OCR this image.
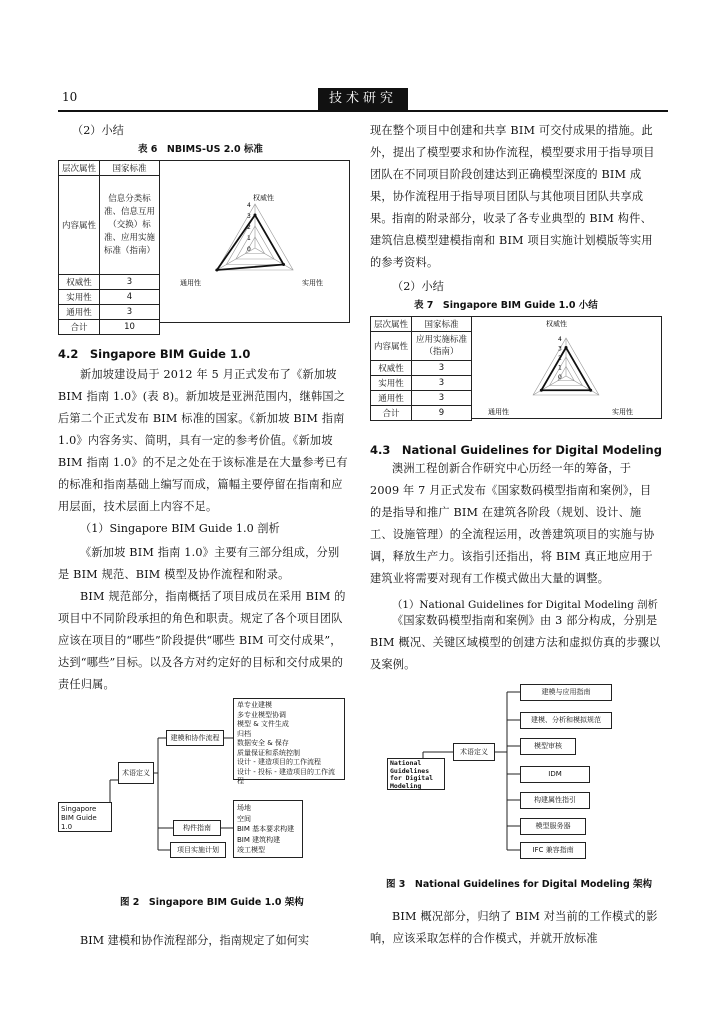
10	技术研究
（2）小结
表 6　NBIMS-US 2.0 标准
层次属性	国家标准
内容属性	信息分类标准、信息互用（交换）标准、应用实施标准（指南）
权威性	3
实用性	4
通用性	3
合计	10
权威性
通用性	实用性
4
3
2
1
0
4.2　Singapore BIM Guide 1.0
新加坡建设局于 2012 年 5 月正式发布了《新加坡 BIM 指南 1.0》(表 8)。新加坡是亚洲范围内，继韩国之后第二个正式发布 BIM 标准的国家。《新加坡 BIM 指南 1.0》内容务实、简明，具有一定的参考价值。《新加坡 BIM 指南 1.0》的不足之处在于该标准是在大量参考已有的标准和指南基础上编写而成，篇幅主要停留在指南和应用层面，技术层面上内容不足。
（1）Singapore BIM Guide 1.0 剖析
《新加坡 BIM 指南 1.0》主要有三部分组成，分别是 BIM 规范、BIM 模型及协作流程和附录。
BIM 规范部分，指南概括了项目成员在采用 BIM 的项目中不同阶段承担的角色和职责。规定了各个项目团队应该在项目的“哪些”阶段提供“哪些 BIM 可交付成果”，达到“哪些”目标。以及各方对约定好的目标和交付成果的责任归属。
Singapore BIM Guide 1.0
术语定义
建模和协作流程
构件指南
项目实施计划
单专业建模
多专业模型协调
模型 & 文件生成
归档
数据安全 & 保存
质量保证和系统控制
设计 - 建造项目的工作流程
设计 - 投标 - 建造项目的工作流程
场地
空间
BIM 基本要求构建
BIM 建筑构建
竣工模型
图 2　Singapore BIM Guide 1.0 架构
BIM 建模和协作流程部分，指南规定了如何实
现在整个项目中创建和共享 BIM 可交付成果的措施。此外，提出了模型要求和协作流程，模型要求用于指导项目团队在不同项目阶段创建达到正确模型深度的 BIM 成果，协作流程用于指导项目团队与其他项目团队共享成果。 指南的附录部分，收录了各专业典型的 BIM 构件、建筑信息模型建模指南和 BIM 项目实施计划模版等实用的参考资料。
（2）小结
表 7　Singapore BIM Guide 1.0 小结
层次属性	国家标准
内容属性	应用实施标准（指南）
权威性	3
实用性	3
通用性	3
合计	9
权威性
通用性	实用性
4
3
2
1
0
4.3　National Guidelines for Digital Modeling
澳洲工程创新合作研究中心历经一年的筹备，于 2009 年 7 月正式发布《国家数码模型指南和案例》，目的是指导和推广 BIM 在建筑各阶段（规划、设计、施工、设施管理）的全流程运用，改善建筑项目的实施与协调，释放生产力。该指引还指出，将 BIM 真正地应用于建筑业将需要对现有工作模式做出大量的调整。
（1）National Guidelines for Digital Modeling 剖析
《国家数码模型指南和案例》由 3 部分构成，分别是 BIM 概况、关键区域模型的创建方法和虚拟仿真的步骤以及案例。
National Guidelines for Digital Modeling
术语定义
建模与应用指南
建模、分析和模拟规范
模型审核
IDM
构建属性指引
模型服务器
IFC 兼容指南
图 3　National Guidelines for Digital Modeling 架构
BIM 概况部分，归纳了 BIM 对当前的工作模式的影响，应该采取怎样的合作模式，并就开放标准
